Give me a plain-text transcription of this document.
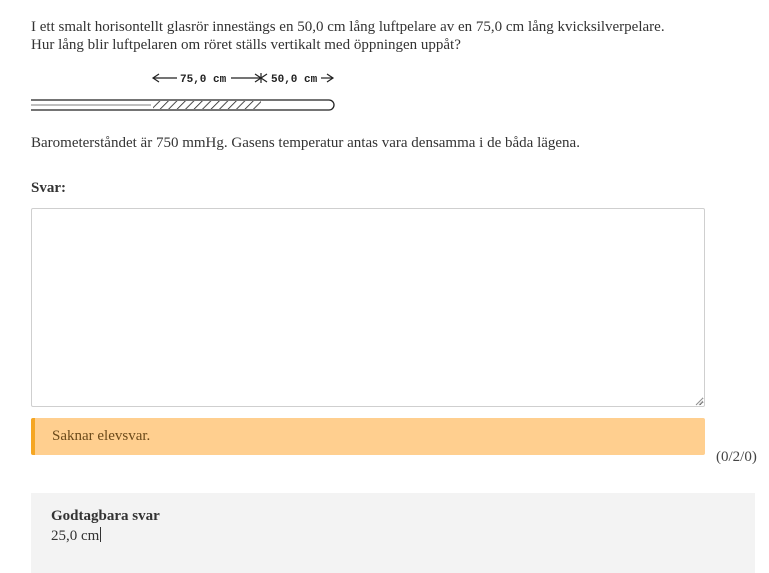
I ett smalt horisontellt glasrör innestängs en 50,0 cm lång luftpelare av en 75,0 cm lång kvicksilverpelare. Hur lång blir luftpelaren om röret ställs vertikalt med öppningen uppåt?
75,0 cm	50,0 cm
Barometerståndet är 750 mmHg. Gasens temperatur antas vara densamma i de båda lägena.
Svar:
Saknar elevsvar.
(0/2/0)
Godtagbara svar
25,0 cm
